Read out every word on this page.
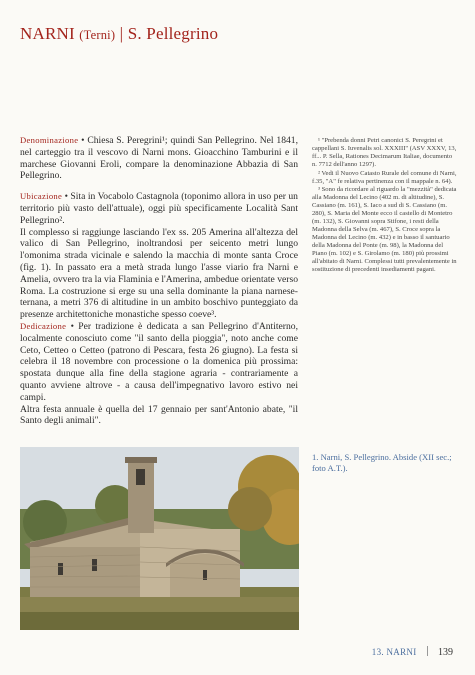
NARNI (Terni) | S. Pellegrino

Denominazione • Chiesa S. Peregrini¹; quindi San Pellegrino. Nel 1841, nel carteggio tra il vescovo di Narni mons. Gioacchino Tamburini e il marchese Giovanni Eroli, compare la denominazione Abbazia di San Pellegrino.

Ubicazione • Sita in Vocabolo Castagnola (toponimo allora in uso per un territorio più vasto dell'attuale), oggi più specificamente Località Sant Pellegrino².

Il complesso si raggiunge lasciando l'ex ss. 205 Amerina all'altezza del valico di San Pellegrino, inoltrandosi per seicento metri lungo l'omonima strada vicinale e salendo la macchia di monte santa Croce (fig. 1). In passato era a metà strada lungo l'asse viario fra Narni e Amelia, ovvero tra la via Flaminia e l'Amerina, ambedue orientate verso Roma. La costruzione si erge su una sella dominante la piana narnese-ternana, a metri 376 di altitudine in un ambito boschivo punteggiato da presenze architettoniche monastiche spesso coeve³.

Dedicazione • Per tradizione è dedicata a san Pellegrino d'Antiterno, localmente conosciuto come "il santo della pioggia", noto anche come Ceto, Cetteo o Cetteo (patrono di Pescara, festa 26 giugno). La festa si celebra il 18 novembre con processione o la domenica più prossima: spostata dunque alla fine della stagione agraria - contrariamente a quanto avviene altrove - a causa dell'impegnativo lavoro estivo nei campi.

Altra festa annuale è quella del 17 gennaio per sant'Antonio abate, "il Santo degli animali".

¹ "Prebenda donni Petri canonici S. Peregrini et cappellani S. Iuvenalis sol. XXXIII" (ASV XXXV, 13, ff... P. Sella, Rationes Decimarum Italiae, documento n. 7712 dell'anno 1297).

² Vedi il Nuovo Catasto Rurale del comune di Narni, f.35, "A" fe relativa pertinenza con il mappale n. 64).

³ Sono da ricordare al riguardo la "mezzità" dedicata alla Madonna del Lecino (402 m. di altitudine), S. Cassiano (m. 161), S. Iaco a sud di S. Cassiano (m. 280), S. Maria del Monte ecco il castello di Montetro (m. 132), S. Giovanni sopra Stifone, i resti della Madonna della Selva (m. 467), S. Croce sopra la Madonna del Lecino (m. 432) e in basso il santuario della Madonna del Ponte (m. 98), la Madonna del Piano (m. 102) e S. Girolamo (m. 180) più prossimi all'abitato di Narni. Complessi tutti prevalentemente in sostituzione di precedenti insediamenti pagani.

1. Narni, S. Pellegrino. Abside (XII sec.; foto A.T.).
13. NARNI 139
